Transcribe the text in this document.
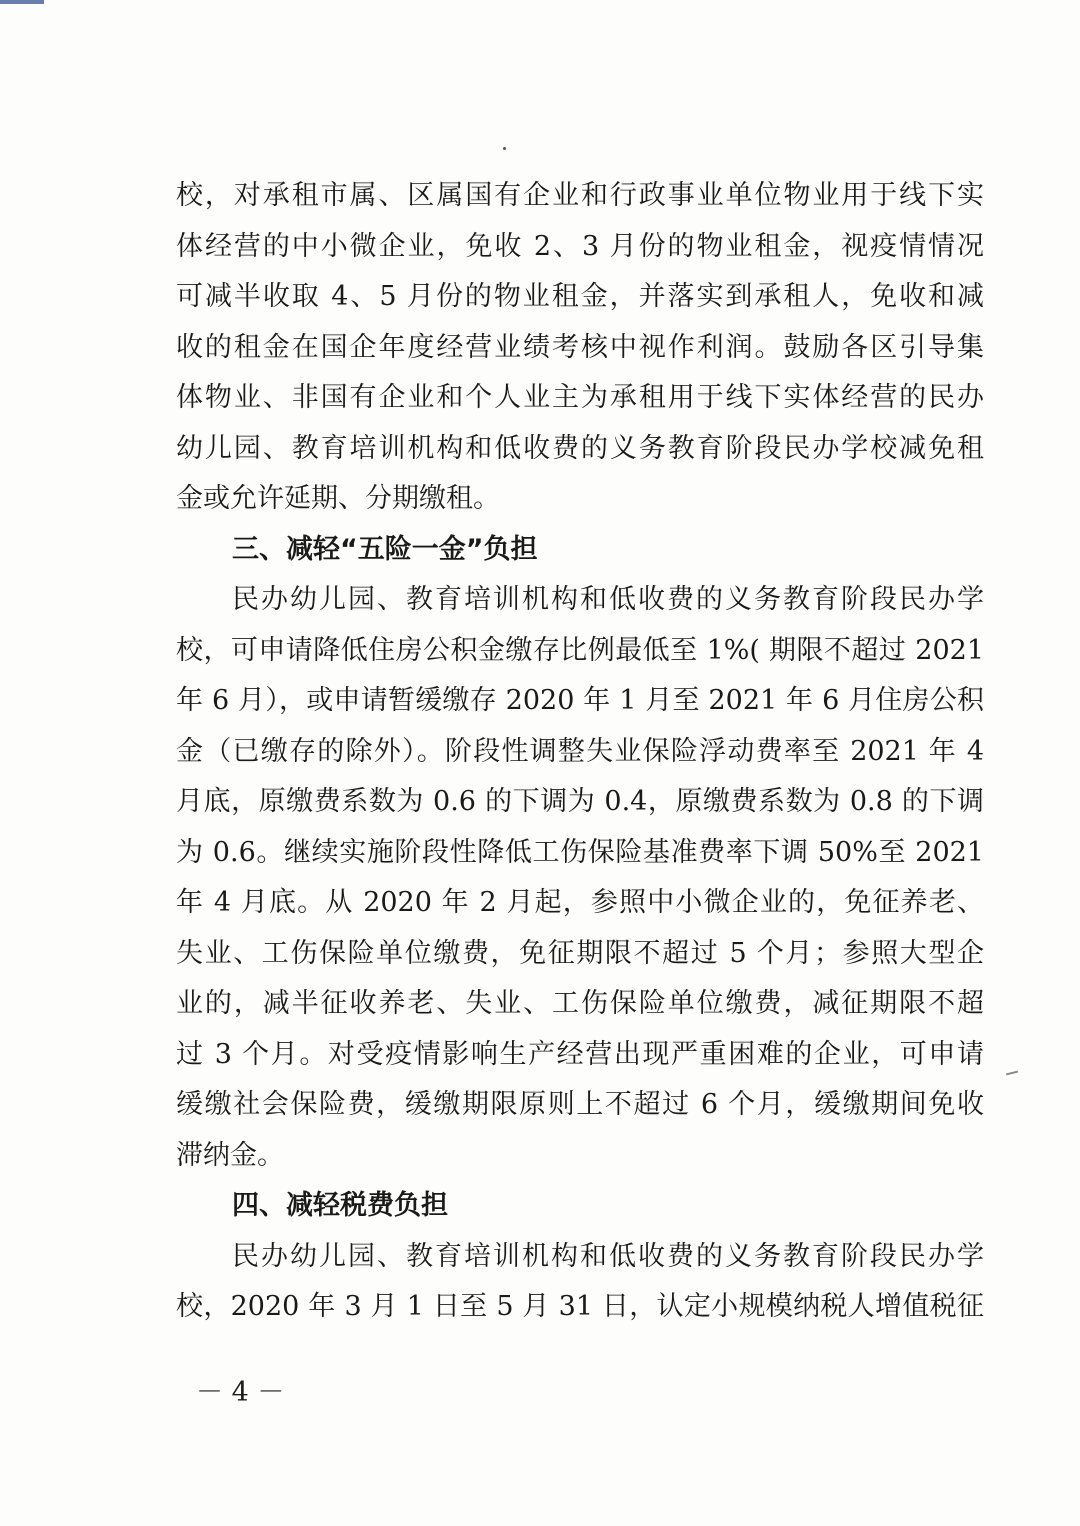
校，对承租市属、区属国有企业和行政事业单位物业用于线下实
体经营的中小微企业，免收 2、3 月份的物业租金，视疫情情况
可减半收取 4、5 月份的物业租金，并落实到承租人，免收和减
收的租金在国企年度经营业绩考核中视作利润。鼓励各区引导集
体物业、非国有企业和个人业主为承租用于线下实体经营的民办
幼儿园、教育培训机构和低收费的义务教育阶段民办学校减免租
金或允许延期、分期缴租。
三、减轻“五险一金”负担
民办幼儿园、教育培训机构和低收费的义务教育阶段民办学
校，可申请降低住房公积金缴存比例最低至 1%( 期限不超过 2021
年 6 月），或申请暂缓缴存 2020 年 1 月至 2021 年 6 月住房公积
金（已缴存的除外）。阶段性调整失业保险浮动费率至 2021 年 4
月底，原缴费系数为 0.6 的下调为 0.4，原缴费系数为 0.8 的下调
为 0.6。继续实施阶段性降低工伤保险基准费率下调 50%至 2021
年 4 月底。从 2020 年 2 月起，参照中小微企业的，免征养老、
失业、工伤保险单位缴费，免征期限不超过 5 个月；参照大型企
业的，减半征收养老、失业、工伤保险单位缴费，减征期限不超
过 3 个月。对受疫情影响生产经营出现严重困难的企业，可申请
缓缴社会保险费，缓缴期限原则上不超过 6 个月，缓缴期间免收
滞纳金。
四、减轻税费负担
民办幼儿园、教育培训机构和低收费的义务教育阶段民办学
校，2020 年 3 月 1 日至 5 月 31 日，认定小规模纳税人增值税征
－ 4 －
